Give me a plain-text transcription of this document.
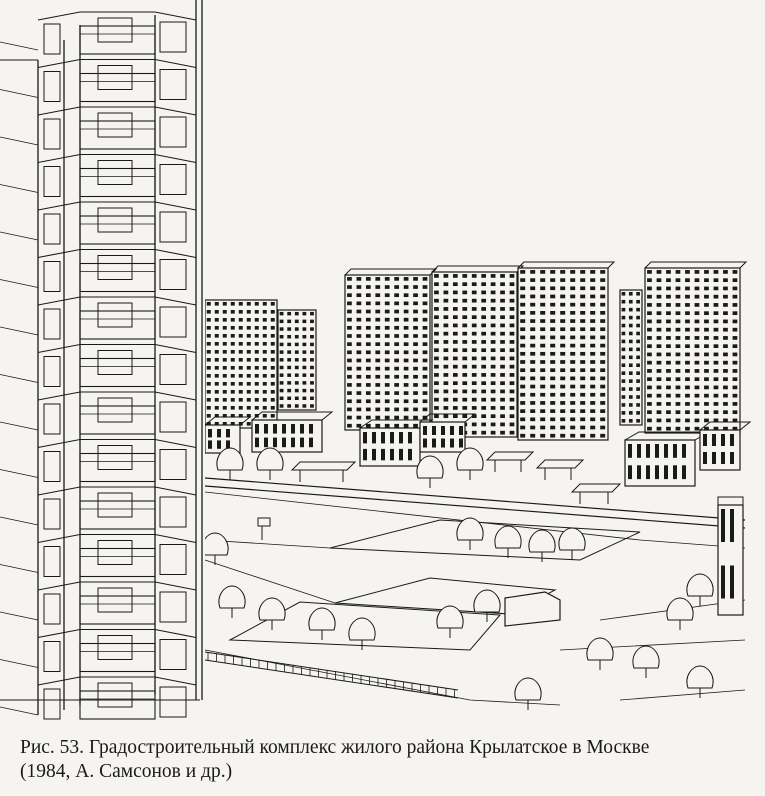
Рис. 53. Градостроительный комплекс жилого района Крылатское в Москве
(1984, А. Самсонов и др.)
